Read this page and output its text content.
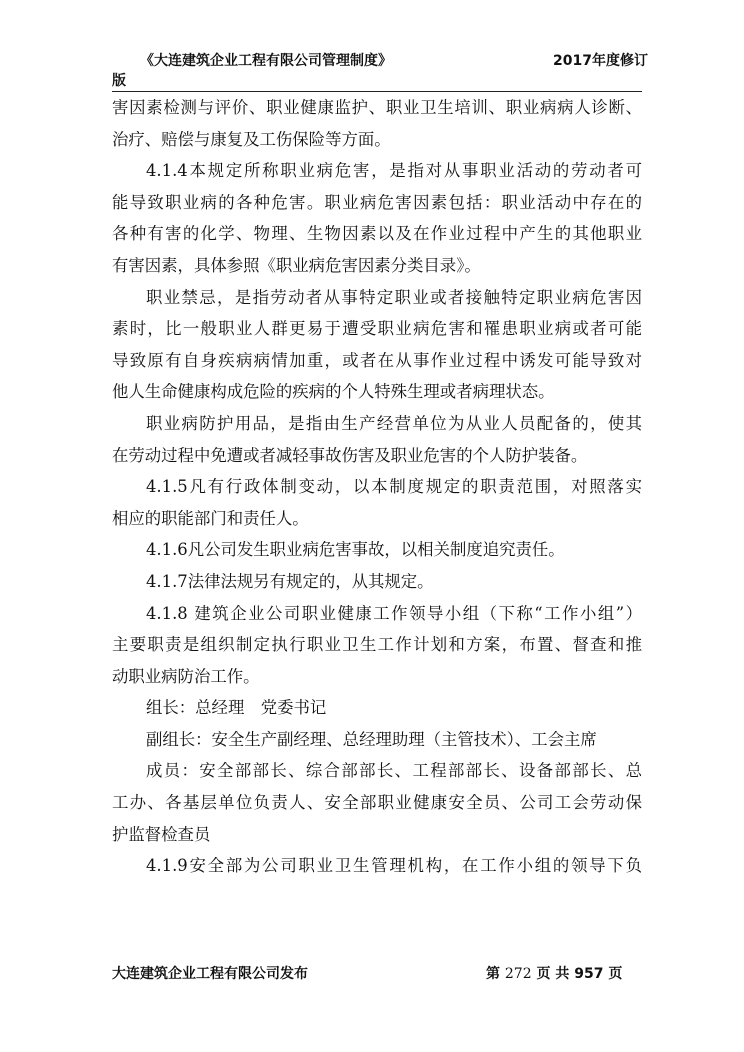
《大连建筑企业工程有限公司管理制度》	2017年度修订
版
害因素检测与评价、职业健康监护、职业卫生培训、职业病病人诊断、
治疗、赔偿与康复及工伤保险等方面。
4.1.4本规定所称职业病危害，是指对从事职业活动的劳动者可
能导致职业病的各种危害。职业病危害因素包括：职业活动中存在的
各种有害的化学、物理、生物因素以及在作业过程中产生的其他职业
有害因素，具体参照《职业病危害因素分类目录》。
职业禁忌，是指劳动者从事特定职业或者接触特定职业病危害因
素时，比一般职业人群更易于遭受职业病危害和罹患职业病或者可能
导致原有自身疾病病情加重，或者在从事作业过程中诱发可能导致对
他人生命健康构成危险的疾病的个人特殊生理或者病理状态。
职业病防护用品，是指由生产经营单位为从业人员配备的，使其
在劳动过程中免遭或者减轻事故伤害及职业危害的个人防护装备。
4.1.5凡有行政体制变动，以本制度规定的职责范围，对照落实
相应的职能部门和责任人。
4.1.6凡公司发生职业病危害事故，以相关制度追究责任。
4.1.7法律法规另有规定的，从其规定。
4.1.8 建筑企业公司职业健康工作领导小组（下称“工作小组”）
主要职责是组织制定执行职业卫生工作计划和方案，布置、督查和推
动职业病防治工作。
组长：总经理　党委书记
副组长：安全生产副经理、总经理助理（主管技术）、工会主席
成员：安全部部长、综合部部长、工程部部长、设备部部长、总
工办、各基层单位负责人、安全部职业健康安全员、公司工会劳动保
护监督检查员
4.1.9安全部为公司职业卫生管理机构，在工作小组的领导下负
大连建筑企业工程有限公司发布	第 272 页 共 957 页
